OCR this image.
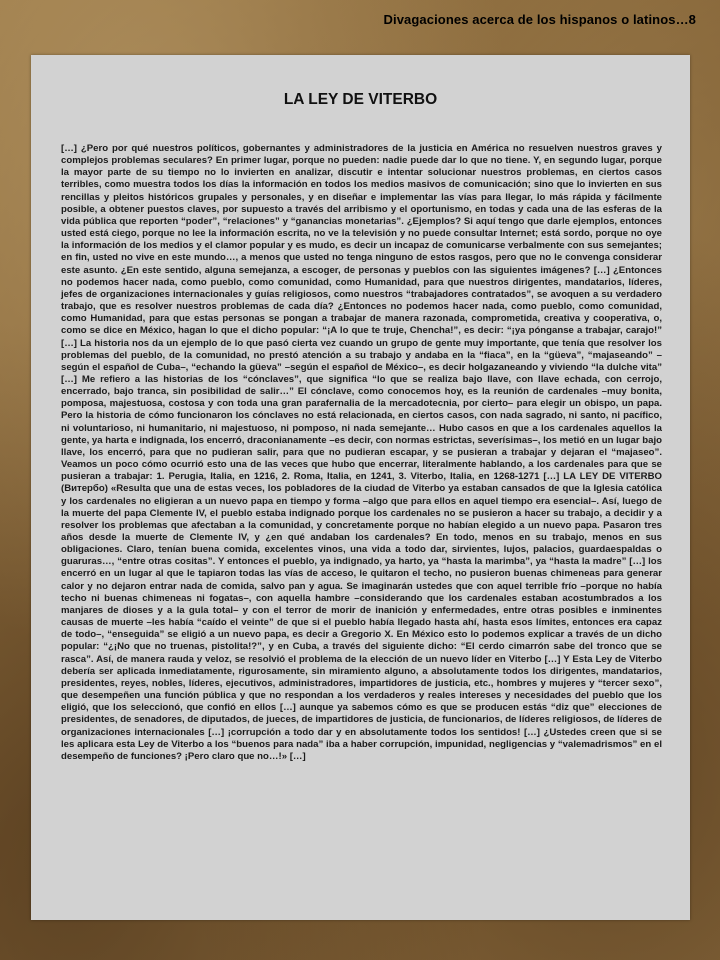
Divagaciones acerca de los hispanos o latinos…8
LA LEY DE VITERBO

[…] ¿Pero por qué nuestros políticos, gobernantes y administradores de la justicia en América no resuelven nuestros graves y complejos problemas seculares? En primer lugar, porque no pueden: nadie puede dar lo que no tiene. Y, en segundo lugar, porque la mayor parte de su tiempo no lo invierten en analizar, discutir e intentar solucionar nuestros problemas, en ciertos casos terribles, como muestra todos los días la información en todos los medios masivos de comunicación; sino que lo invierten en sus rencillas y pleitos históricos grupales y personales, y en diseñar e implementar las vías para llegar, lo más rápida y fácilmente posible, a obtener puestos claves, por supuesto a través del arribismo y el oportunismo, en todas y cada una de las esferas de la vida pública que reporten “poder”, “relaciones” y “ganancias monetarias”. ¿Ejemplos? Si aquí tengo que darle ejemplos, entonces usted está ciego, porque no lee la información escrita, no ve la televisión y no puede consultar Internet; está sordo, porque no oye la información de los medios y el clamor popular y es mudo, es decir un incapaz de comunicarse verbalmente con sus semejantes; en fin, usted no vive en este mundo…, a menos que usted no tenga ninguno de estos rasgos, pero que no le convenga considerar este asunto. ¿En este sentido, alguna semejanza, a escoger, de personas y pueblos con las siguientes imágenes? […] ¿Entonces no podemos hacer nada, como pueblo, como comunidad, como Humanidad, para que nuestros dirigentes, mandatarios, líderes, jefes de organizaciones internacionales y guías religiosos, como nuestros “trabajadores contratados”, se avoquen a su verdadero trabajo, que es resolver nuestros problemas de cada día? ¿Entonces no podemos hacer nada, como pueblo, como comunidad, como Humanidad, para que estas personas se pongan a trabajar de manera razonada, comprometida, creativa y cooperativa, o, como se dice en México, hagan lo que el dicho popular: “¡A lo que te truje, Chencha!”, es decir: “¡ya pónganse a trabajar, carajo!” […] La historia nos da un ejemplo de lo que pasó cierta vez cuando un grupo de gente muy importante, que tenía que resolver los problemas del pueblo, de la comunidad, no prestó atención a su trabajo y andaba en la “fiaca”, en la “güeva”, “majaseando” –según el español de Cuba–, “echando la güeva” –según el español de México–, es decir holgazaneando y viviendo “la dulche vita” […] Me refiero a las historias de los “cónclaves”, que significa “lo que se realiza bajo llave, con llave echada, con cerrojo, encerrado, bajo tranca, sin posibilidad de salir…” El cónclave, como conocemos hoy, es la reunión de cardenales –muy bonita, pomposa, majestuosa, costosa y con toda una gran parafernalia de la mercadotecnia, por cierto– para elegir un obispo, un papa. Pero la historia de cómo funcionaron los cónclaves no está relacionada, en ciertos casos, con nada sagrado, ni santo, ni pacífico, ni voluntarioso, ni humanitario, ni majestuoso, ni pomposo, ni nada semejante… Hubo casos en que a los cardenales aquellos la gente, ya harta e indignada, los encerró, draconianamente –es decir, con normas estrictas, severísimas–, los metió en un lugar bajo llave, los encerró, para que no pudieran salir, para que no pudieran escapar, y se pusieran a trabajar y dejaran el “majaseo”. Veamos un poco cómo ocurrió esto una de las veces que hubo que encerrar, literalmente hablando, a los cardenales para que se pusieran a trabajar: 1. Perugia, Italia, en 1216, 2. Roma, Italia, en 1241, 3. Viterbo, Italia, en 1268-1271 […] LA LEY DE VITERBO (Витербо) «Resulta que una de estas veces, los pobladores de la ciudad de Viterbo ya estaban cansados de que la Iglesia católica y los cardenales no eligieran a un nuevo papa en tiempo y forma –algo que para ellos en aquel tiempo era esencial–. Así, luego de la muerte del papa Clemente IV, el pueblo estaba indignado porque los cardenales no se pusieron a hacer su trabajo, a decidir y a resolver los problemas que afectaban a la comunidad, y concretamente porque no habían elegido a un nuevo papa. Pasaron tres años desde la muerte de Clemente IV, y ¿en qué andaban los cardenales? En todo, menos en su trabajo, menos en sus obligaciones. Claro, tenían buena comida, excelentes vinos, una vida a todo dar, sirvientes, lujos, palacios, guardaespaldas o guaruras…, “entre otras cositas”. Y entonces el pueblo, ya indignado, ya harto, ya “hasta la marimba”, ya “hasta la madre” […] los encerró en un lugar al que le tapiaron todas las vías de acceso, le quitaron el techo, no pusieron buenas chimeneas para generar calor y no dejaron entrar nada de comida, salvo pan y agua. Se imaginarán ustedes que con aquel terrible frío –porque no había techo ni buenas chimeneas ni fogatas–, con aquella hambre –considerando que los cardenales estaban acostumbrados a los manjares de dioses y a la gula total– y con el terror de morir de inanición y enfermedades, entre otras posibles e inminentes causas de muerte –les había “caído el veinte” de que si el pueblo había llegado hasta ahí, hasta esos límites, entonces era capaz de todo–, “enseguida” se eligió a un nuevo papa, es decir a Gregorio X. En México esto lo podemos explicar a través de un dicho popular: “¿¡No que no truenas, pistolita!?”, y en Cuba, a través del siguiente dicho: “El cerdo cimarrón sabe del tronco que se rasca”. Así, de manera rauda y veloz, se resolvió el problema de la elección de un nuevo líder en Viterbo […] Y Esta Ley de Viterbo debería ser aplicada inmediatamente, rigurosamente, sin miramiento alguno, a absolutamente todos los dirigentes, mandatarios, presidentes, reyes, nobles, líderes, ejecutivos, administradores, impartidores de justicia, etc., hombres y mujeres y “tercer sexo”, que desempeñen una función pública y que no respondan a los verdaderos y reales intereses y necesidades del pueblo que los eligió, que los seleccionó, que confió en ellos […] aunque ya sabemos cómo es que se producen estás “diz que” elecciones de presidentes, de senadores, de diputados, de jueces, de impartidores de justicia, de funcionarios, de líderes religiosos, de líderes de organizaciones internacionales […] ¡corrupción a todo dar y en absolutamente todos los sentidos! […] ¿Ustedes creen que si se les aplicara esta Ley de Viterbo a los “buenos para nada” iba a haber corrupción, impunidad, negligencias y “valemadrismos” en el desempeño de funciones? ¡Pero claro que no…!» […]
